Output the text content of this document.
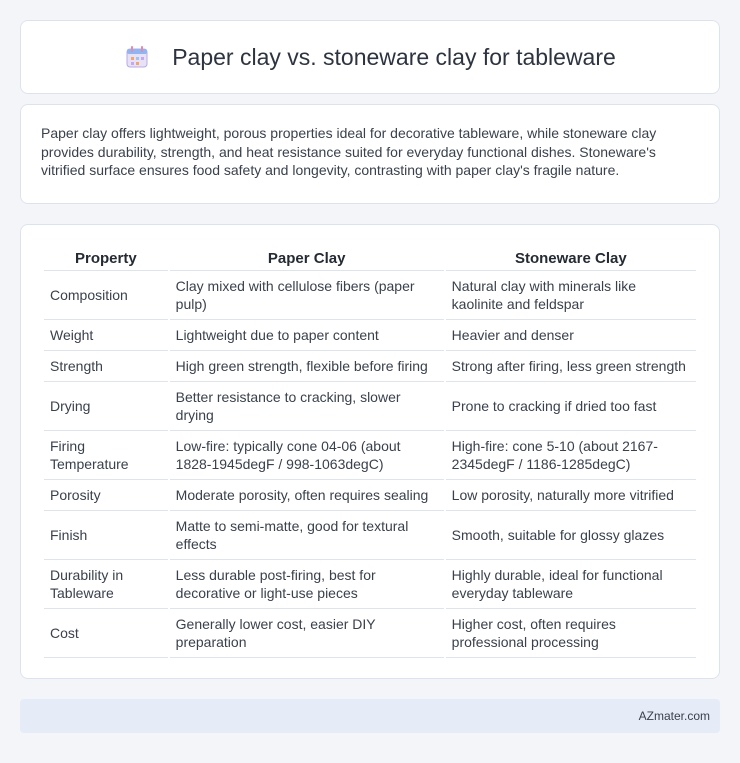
Paper clay vs. stoneware clay for tableware

Paper clay offers lightweight, porous properties ideal for decorative tableware, while stoneware clay provides durability, strength, and heat resistance suited for everyday functional dishes. Stoneware's vitrified surface ensures food safety and longevity, contrasting with paper clay's fragile nature.

Property	Paper Clay	Stoneware Clay
Composition	Clay mixed with cellulose fibers (paper pulp)	Natural clay with minerals like kaolinite and feldspar
Weight	Lightweight due to paper content	Heavier and denser
Strength	High green strength, flexible before firing	Strong after firing, less green strength
Drying	Better resistance to cracking, slower drying	Prone to cracking if dried too fast
Firing Temperature	Low-fire: typically cone 04-06 (about 1828-1945degF / 998-1063degC)	High-fire: cone 5-10 (about 2167-2345degF / 1186-1285degC)
Porosity	Moderate porosity, often requires sealing	Low porosity, naturally more vitrified
Finish	Matte to semi-matte, good for textural effects	Smooth, suitable for glossy glazes
Durability in Tableware	Less durable post-firing, best for decorative or light-use pieces	Highly durable, ideal for functional everyday tableware
Cost	Generally lower cost, easier DIY preparation	Higher cost, often requires professional processing
AZmater.com
